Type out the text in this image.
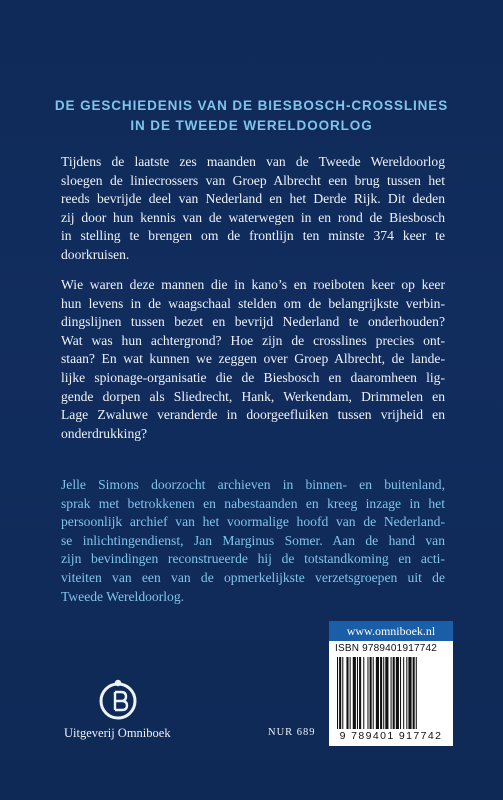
DE GESCHIEDENIS VAN DE BIESBOSCH-CROSSLINES
IN DE TWEEDE WERELDOORLOG
Tijdens de laatste zes maanden van de Tweede Wereldoorlog
sloegen de liniecrossers van Groep Albrecht een brug tussen het
reeds bevrijde deel van Nederland en het Derde Rijk. Dit deden
zij door hun kennis van de waterwegen in en rond de Biesbosch
in stelling te brengen om de frontlijn ten minste 374 keer te
doorkruisen.
Wie waren deze mannen die in kano’s en roeiboten keer op keer
hun levens in de waagschaal stelden om de belangrijkste verbin-
dingslijnen tussen bezet en bevrijd Nederland te onderhouden?
Wat was hun achtergrond? Hoe zijn de crosslines precies ont-
staan? En wat kunnen we zeggen over Groep Albrecht, de lande-
lijke spionage-organisatie die de Biesbosch en daaromheen lig-
gende dorpen als Sliedrecht, Hank, Werkendam, Drimmelen en
Lage Zwaluwe veranderde in doorgeefluiken tussen vrijheid en
onderdrukking?
Jelle Simons doorzocht archieven in binnen- en buitenland,
sprak met betrokkenen en nabestaanden en kreeg inzage in het
persoonlijk archief van het voormalige hoofd van de Nederland-
se inlichtingendienst, Jan Marginus Somer. Aan de hand van
zijn bevindingen reconstrueerde hij de totstandkoming en acti-
viteiten van een van de opmerkelijkste verzetsgroepen uit de
Tweede Wereldoorlog.
Uitgeverij Omniboek	NUR 689
www.omniboek.nl
ISBN 9789401917742
9 789401 917742
